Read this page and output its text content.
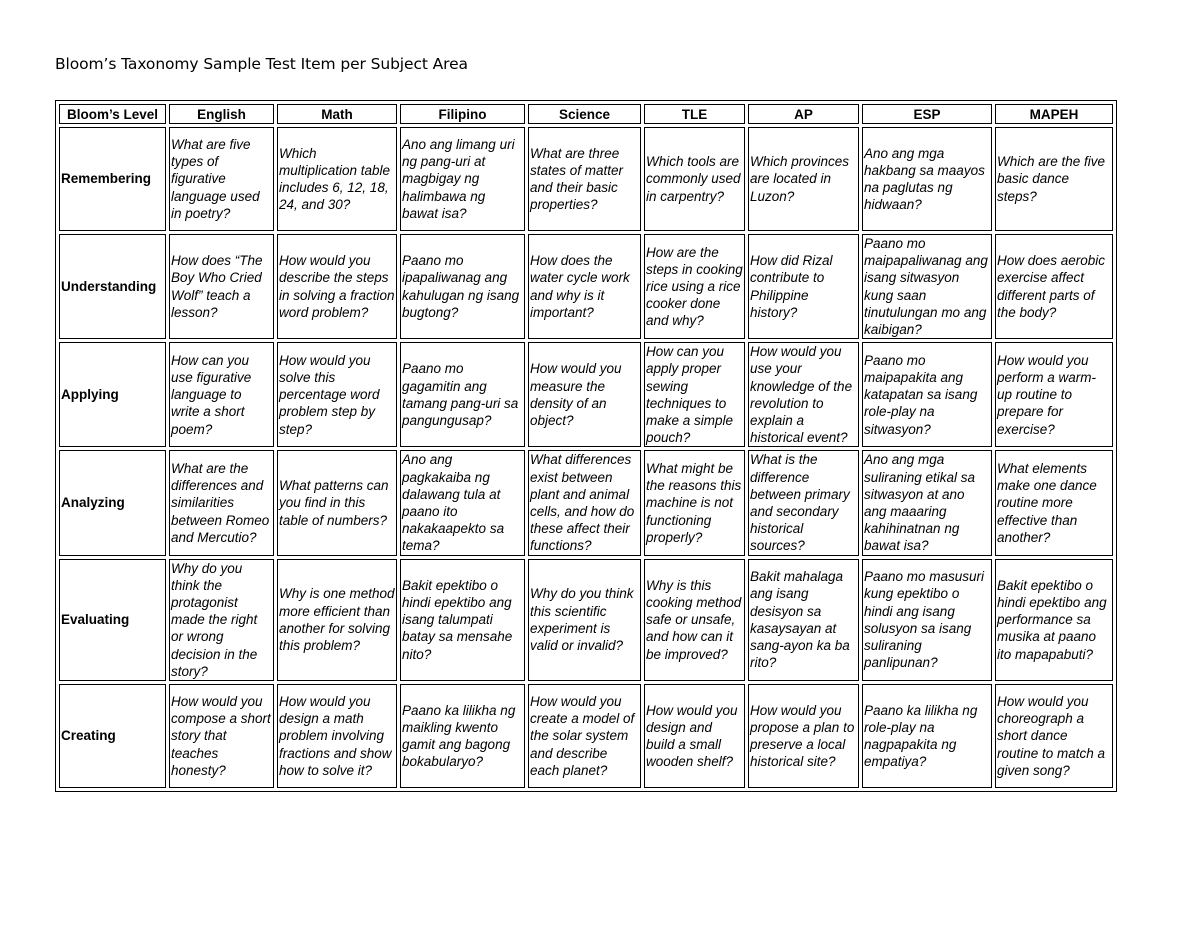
Bloom’s Taxonomy Sample Test Item per Subject Area
Bloom’s Level	English	Math	Filipino	Science	TLE	AP	ESP	MAPEH
Remembering	What are five types of figurative language used in poetry?	Which multiplication table includes 6, 12, 18, 24, and 30?	Ano ang limang uri ng pang-uri at magbigay ng halimbawa ng bawat isa?	What are three states of matter and their basic properties?	Which tools are commonly used in carpentry?	Which provinces are located in Luzon?	Ano ang mga hakbang sa maayos na paglutas ng hidwaan?	Which are the five basic dance steps?
Understanding	How does “The Boy Who Cried Wolf” teach a lesson?	How would you describe the steps in solving a fraction word problem?	Paano mo ipapaliwanag ang kahulugan ng isang bugtong?	How does the water cycle work and why is it important?	How are the steps in cooking rice using a rice cooker done and why?	How did Rizal contribute to Philippine history?	Paano mo maipapaliwanag ang isang sitwasyon kung saan tinutulungan mo ang kaibigan?	How does aerobic exercise affect different parts of the body?
Applying	How can you use figurative language to write a short poem?	How would you solve this percentage word problem step by step?	Paano mo gagamitin ang tamang pang-uri sa pangungusap?	How would you measure the density of an object?	How can you apply proper sewing techniques to make a simple pouch?	How would you use your knowledge of the revolution to explain a historical event?	Paano mo maipapakita ang katapatan sa isang role-play na sitwasyon?	How would you perform a warm-up routine to prepare for exercise?
Analyzing	What are the differences and similarities between Romeo and Mercutio?	What patterns can you find in this table of numbers?	Ano ang pagkakaiba ng dalawang tula at paano ito nakakaapekto sa tema?	What differences exist between plant and animal cells, and how do these affect their functions?	What might be the reasons this machine is not functioning properly?	What is the difference between primary and secondary historical sources?	Ano ang mga suliraning etikal sa sitwasyon at ano ang maaaring kahihinatnan ng bawat isa?	What elements make one dance routine more effective than another?
Evaluating	Why do you think the protagonist made the right or wrong decision in the story?	Why is one method more efficient than another for solving this problem?	Bakit epektibo o hindi epektibo ang isang talumpati batay sa mensahe nito?	Why do you think this scientific experiment is valid or invalid?	Why is this cooking method safe or unsafe, and how can it be improved?	Bakit mahalaga ang isang desisyon sa kasaysayan at sang-ayon ka ba rito?	Paano mo masusuri kung epektibo o hindi ang isang solusyon sa isang suliraning panlipunan?	Bakit epektibo o hindi epektibo ang performance sa musika at paano ito mapapabuti?
Creating	How would you compose a short story that teaches honesty?	How would you design a math problem involving fractions and show how to solve it?	Paano ka lilikha ng maikling kwento gamit ang bagong bokabularyo?	How would you create a model of the solar system and describe each planet?	How would you design and build a small wooden shelf?	How would you propose a plan to preserve a local historical site?	Paano ka lilikha ng role-play na nagpapakita ng empatiya?	How would you choreograph a short dance routine to match a given song?
